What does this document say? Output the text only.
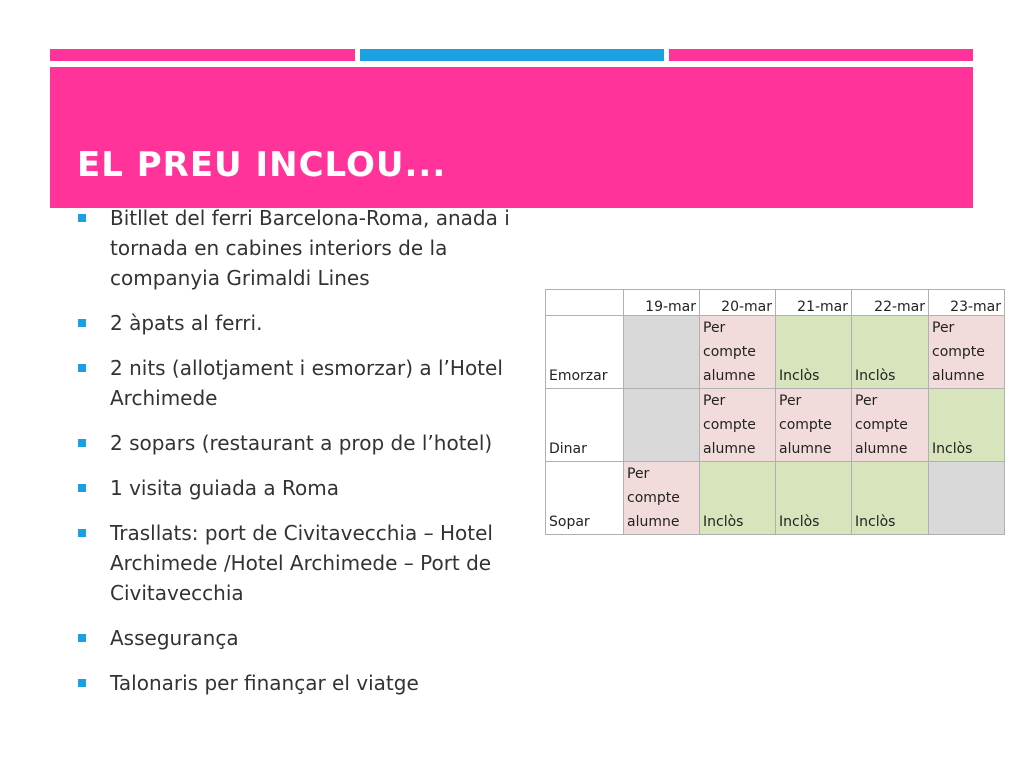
EL PREU INCLOU...
Bitllet del ferri Barcelona-Roma, anada i tornada en cabines interiors de la companyia Grimaldi Lines
2 àpats al ferri.
2 nits (allotjament i esmorzar) a l’Hotel Archimede
2 sopars (restaurant a prop de l’hotel)
1 visita guiada a Roma
Trasllats: port de Civitavecchia – Hotel Archimede /Hotel Archimede – Port de Civitavecchia
Assegurança
Talonaris per finançar el viatge
	19-mar	20-mar	21-mar	22-mar	23-mar
Emorzar		Per compte alumne	Inclòs	Inclòs	Per compte alumne
Dinar		Per compte alumne	Per compte alumne	Per compte alumne	Inclòs
Sopar	Per compte alumne	Inclòs	Inclòs	Inclòs	
